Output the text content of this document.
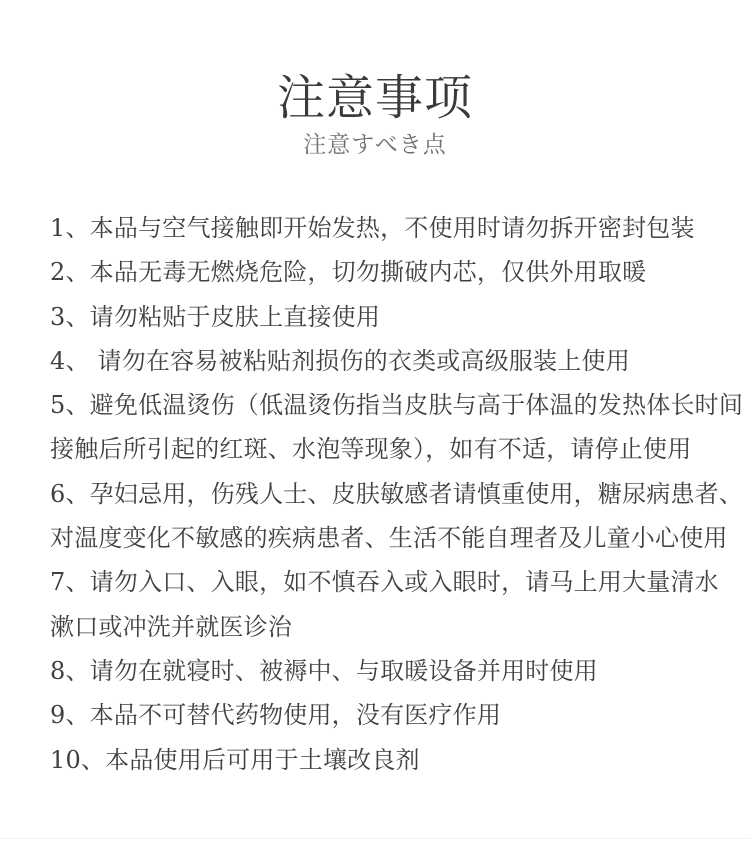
注意事项
注意すべき点
1、本品与空气接触即开始发热，不使用时请勿拆开密封包装
2、本品无毒无燃烧危险，切勿撕破内芯，仅供外用取暖
3、请勿粘贴于皮肤上直接使用
4、 请勿在容易被粘贴剂损伤的衣类或高级服装上使用
5、避免低温烫伤（低温烫伤指当皮肤与高于体温的发热体长时间
接触后所引起的红斑、水泡等现象），如有不适，请停止使用
6、孕妇忌用，伤残人士、皮肤敏感者请慎重使用，糖尿病患者、
对温度变化不敏感的疾病患者、生活不能自理者及儿童小心使用
7、请勿入口、入眼，如不慎吞入或入眼时，请马上用大量清水
漱口或冲洗并就医诊治
8、请勿在就寝时、被褥中、与取暖设备并用时使用
9、本品不可替代药物使用，没有医疗作用
10、本品使用后可用于土壤改良剂
